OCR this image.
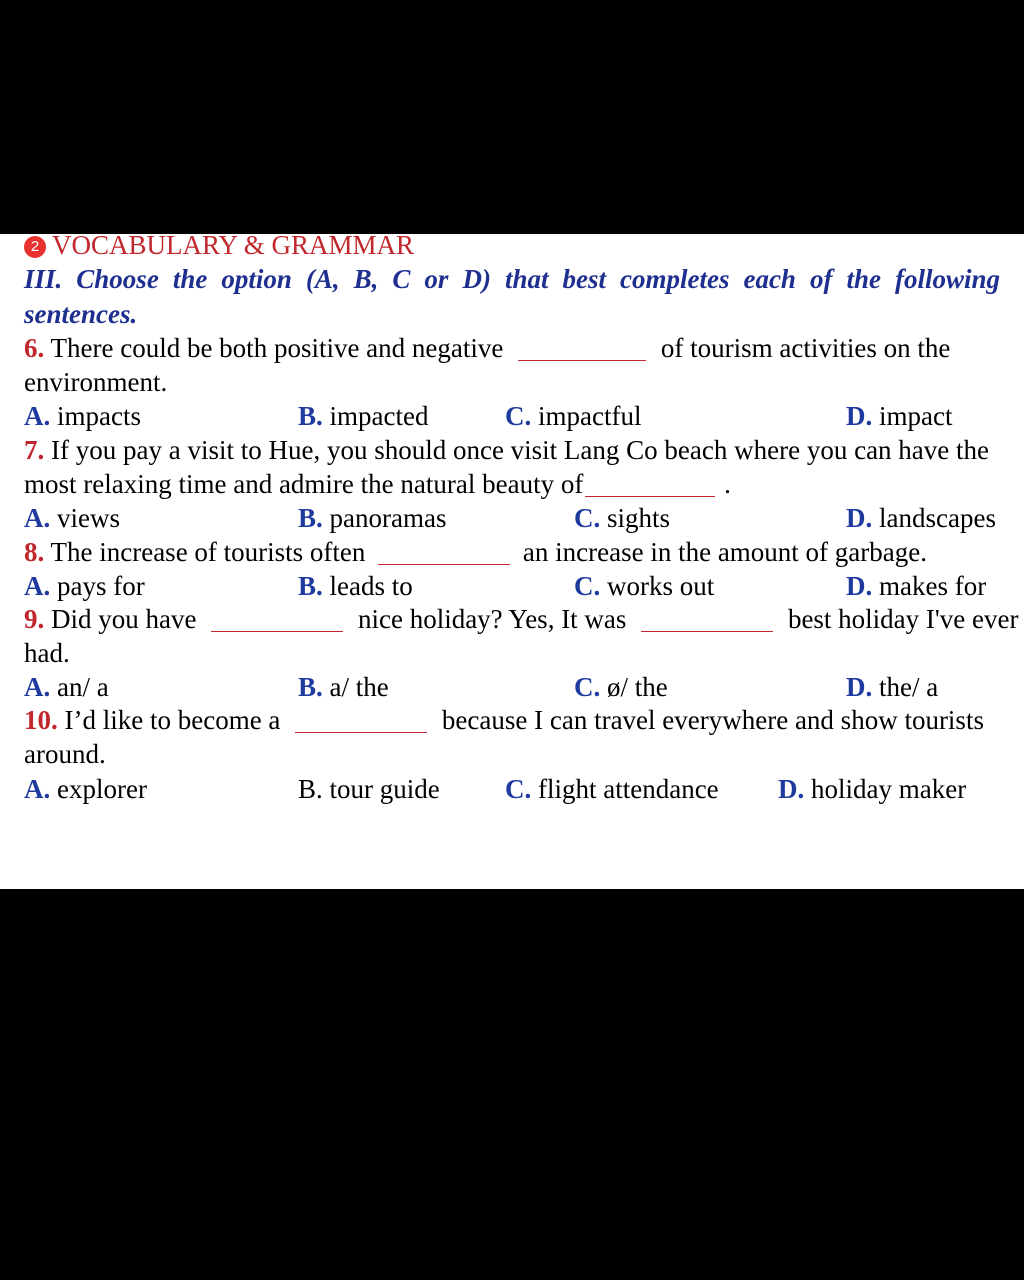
2 VOCABULARY & GRAMMAR
III. Choose the option (A, B, C or D) that best completes each of the following
sentences.
6. There could be both positive and negative	of tourism activities on the
environment.
A. impacts	B. impacted	C. impactful	D. impact
7. If you pay a visit to Hue, you should once visit Lang Co beach where you can have the
most relaxing time and admire the natural beauty of	.
A. views	B. panoramas	C. sights	D. landscapes
8. The increase of tourists often	an increase in the amount of garbage.
A. pays for	B. leads to	C. works out	D. makes for
9. Did you have	nice holiday? Yes, It was	best holiday I've ever
had.
A. an/ a	B. a/ the	C. ø/ the	D. the/ a
10. I’d like to become a	because I can travel everywhere and show tourists
around.
A. explorer	B. tour guide C. flight attendance D. holiday maker
